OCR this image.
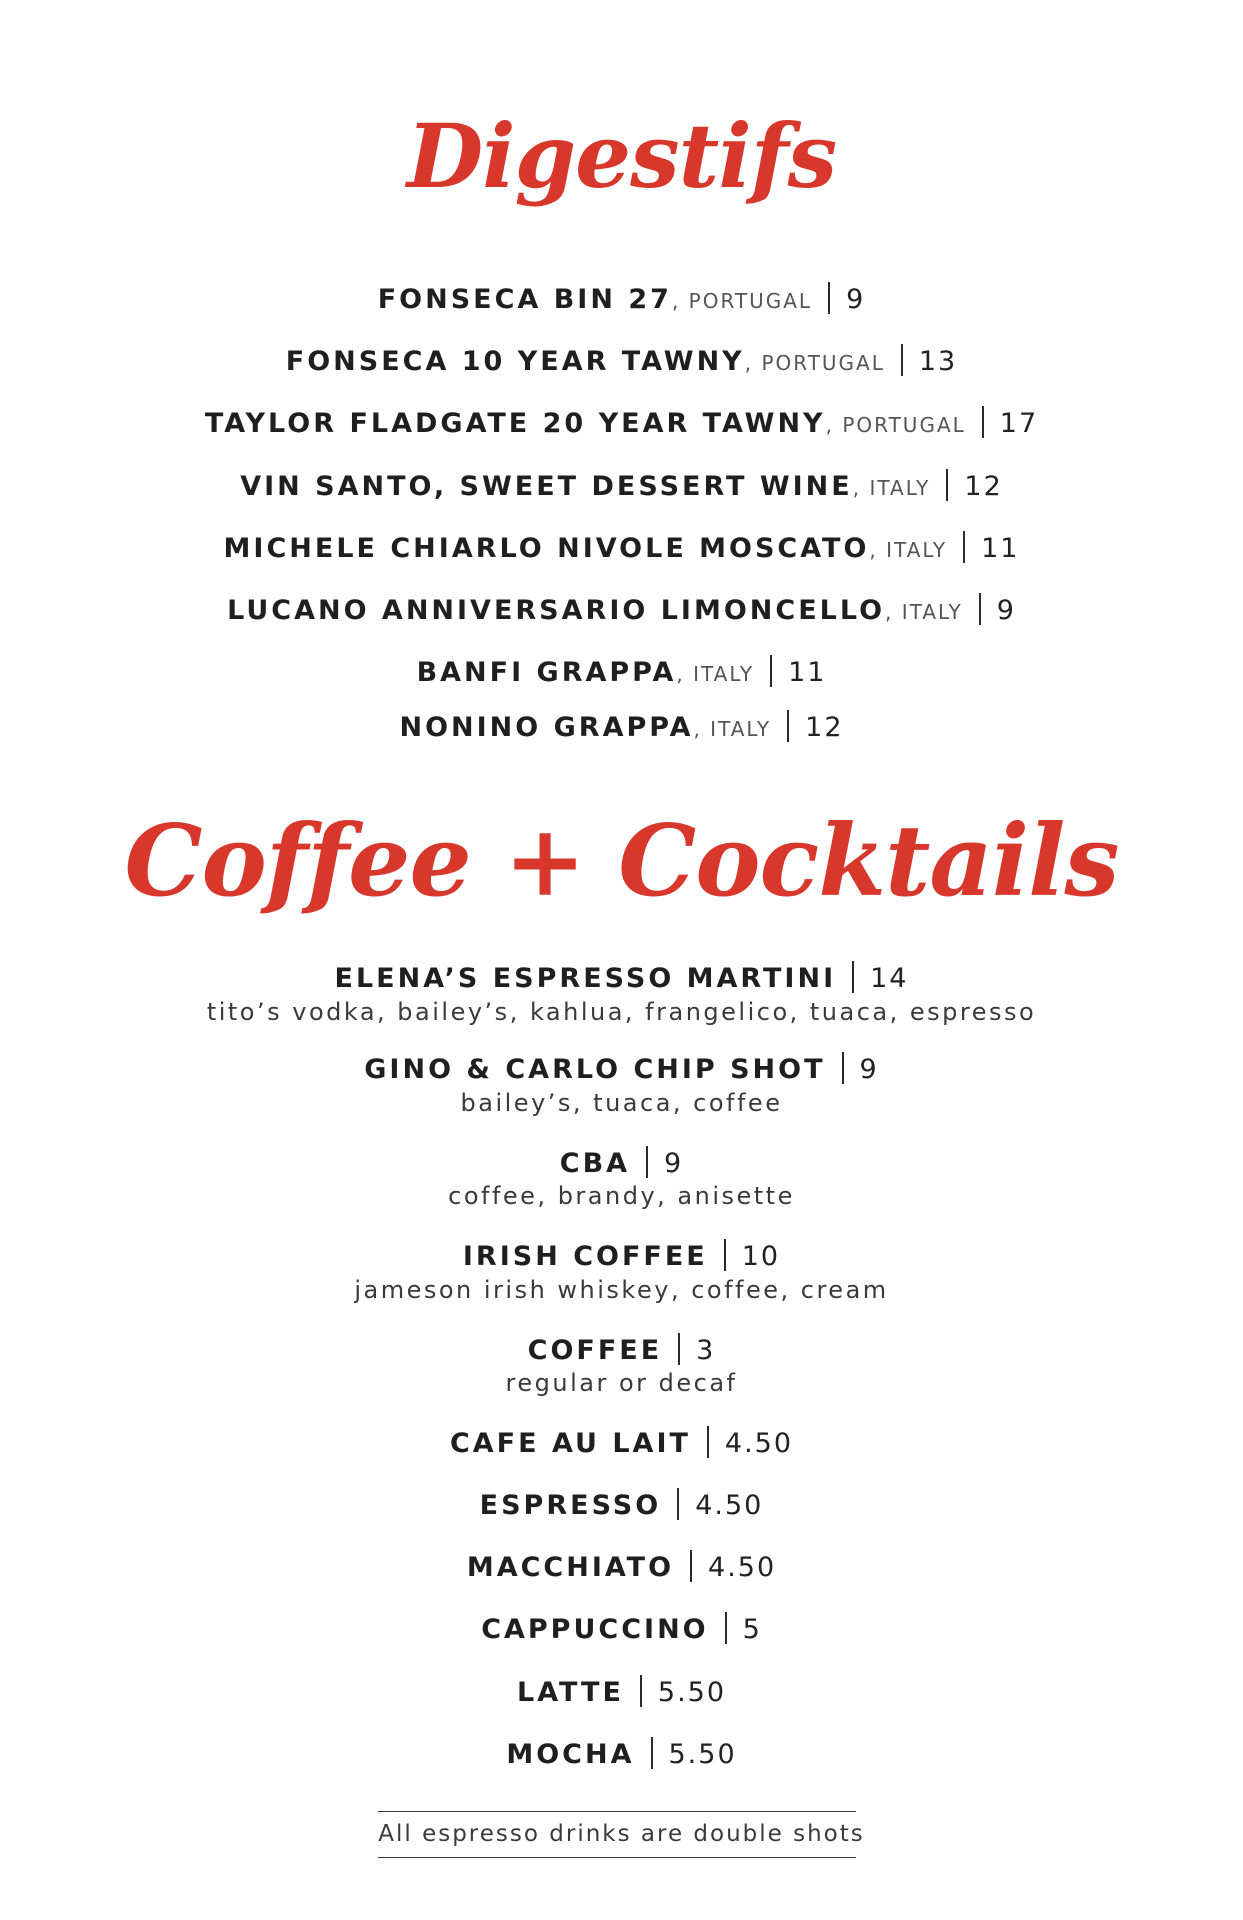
Digestifs
FONSECA BIN 27, PORTUGAL 9
FONSECA 10 YEAR TAWNY, PORTUGAL 13
TAYLOR FLADGATE 20 YEAR TAWNY, PORTUGAL 17
VIN SANTO, SWEET DESSERT WINE, ITALY 12
MICHELE CHIARLO NIVOLE MOSCATO, ITALY 11
LUCANO ANNIVERSARIO LIMONCELLO, ITALY 9
BANFI GRAPPA, ITALY 11
NONINO GRAPPA, ITALY 12
Coffee + Cocktails
ELENA’S ESPRESSO MARTINI 14
tito’s vodka, bailey’s, kahlua, frangelico, tuaca, espresso
GINO & CARLO CHIP SHOT 9
bailey’s, tuaca, coffee
CBA 9
coffee, brandy, anisette
IRISH COFFEE 10
jameson irish whiskey, coffee, cream
COFFEE 3
regular or decaf
CAFE AU LAIT 4.50
ESPRESSO 4.50
MACCHIATO 4.50
CAPPUCCINO 5
LATTE 5.50
MOCHA 5.50
All espresso drinks are double shots
